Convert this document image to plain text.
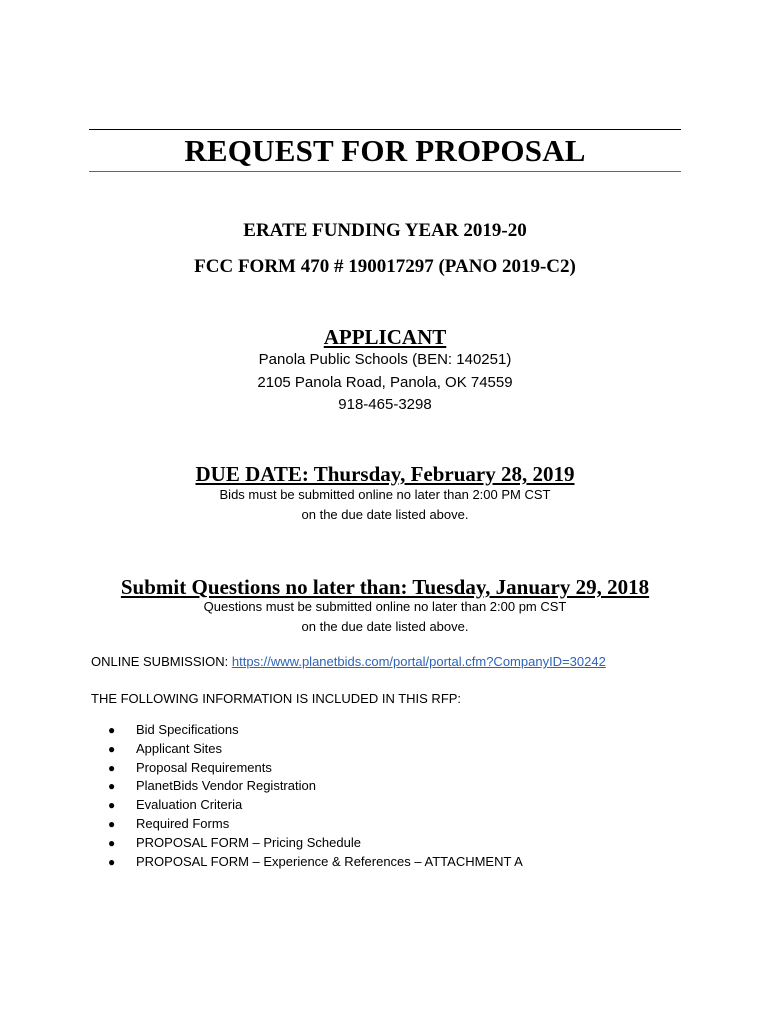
REQUEST FOR PROPOSAL
ERATE FUNDING YEAR 2019-20
FCC FORM 470 # 190017297 (PANO 2019-C2)
APPLICANT
Panola Public Schools (BEN: 140251)
2105 Panola Road, Panola, OK 74559
918-465-3298
DUE DATE: Thursday, February 28, 2019
Bids must be submitted online no later than 2:00 PM CST
on the due date listed above.
Submit Questions no later than: Tuesday, January 29, 2018
Questions must be submitted online no later than 2:00 pm CST
on the due date listed above.
ONLINE SUBMISSION: https://www.planetbids.com/portal/portal.cfm?CompanyID=30242
THE FOLLOWING INFORMATION IS INCLUDED IN THIS RFP:
● Bid Specifications
● Applicant Sites
● Proposal Requirements
● PlanetBids Vendor Registration
● Evaluation Criteria
● Required Forms
● PROPOSAL FORM – Pricing Schedule
● PROPOSAL FORM – Experience & References – ATTACHMENT A
